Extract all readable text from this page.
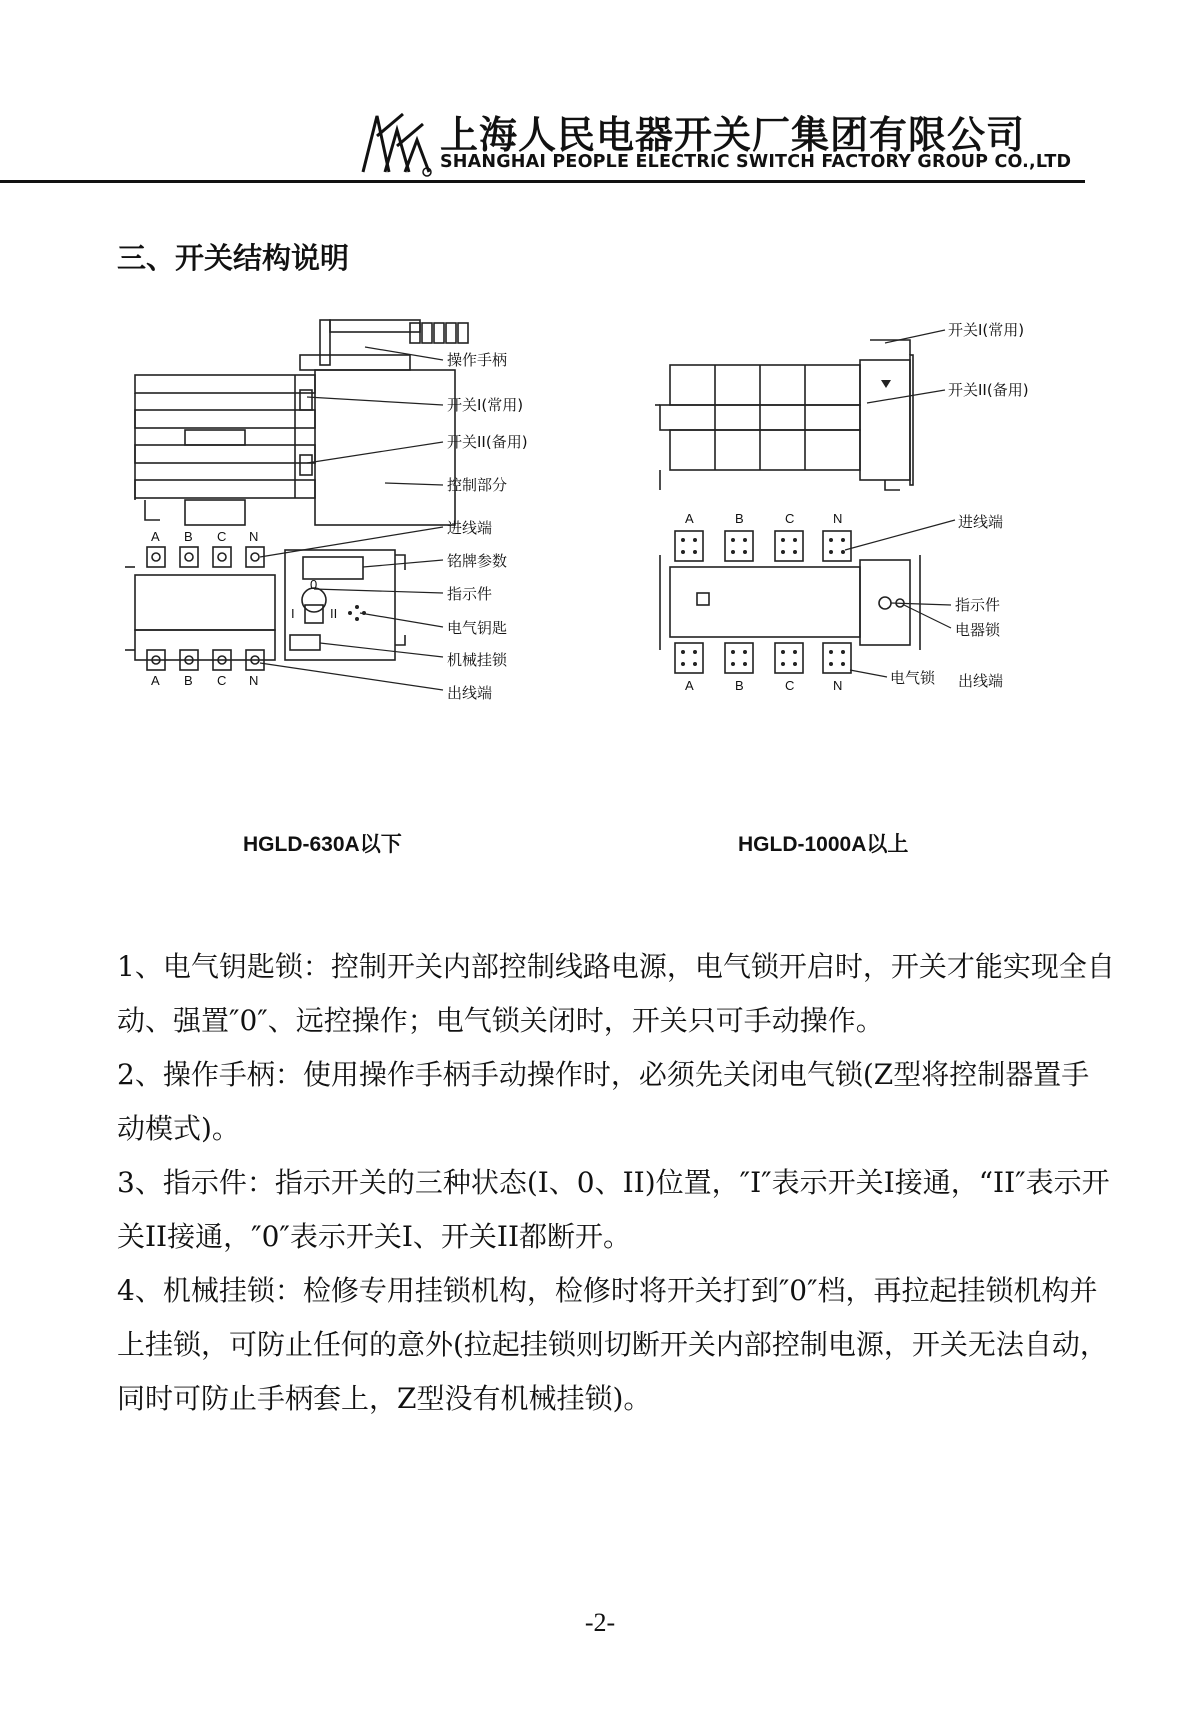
上海人民电器开关厂集团有限公司
SHANGHAI PEOPLE ELECTRIC SWITCH FACTORY GROUP CO.,LTD
三、开关结构说明
操作手柄
开关I(常用)
开关II(备用)
控制部分
A B C N
A B C N
I
0
II
进线端
铭牌参数
指示件
电气钥匙
机械挂锁
出线端
HGLD-630A以下
开关I(常用)
开关II(备用)
A	B	C	N
A	B	C	N
进线端
指示件
电器锁
电气锁 出线端
HGLD-1000A以上

1、电气钥匙锁：控制开关内部控制线路电源，电气锁开启时，开关才能实现全自动、强置″0″、远控操作；电气锁关闭时，开关只可手动操作。

2、操作手柄：使用操作手柄手动操作时，必须先关闭电气锁(Z型将控制器置手动模式)。

3、指示件：指示开关的三种状态(I、0、II)位置，″I″表示开关I接通，“II″表示开关II接通，″0″表示开关I、开关II都断开。

4、机械挂锁：检修专用挂锁机构，检修时将开关打到″0″档，再拉起挂锁机构并上挂锁，可防止任何的意外(拉起挂锁则切断开关内部控制电源，开关无法自动，同时可防止手柄套上，Z型没有机械挂锁)。

-2-
